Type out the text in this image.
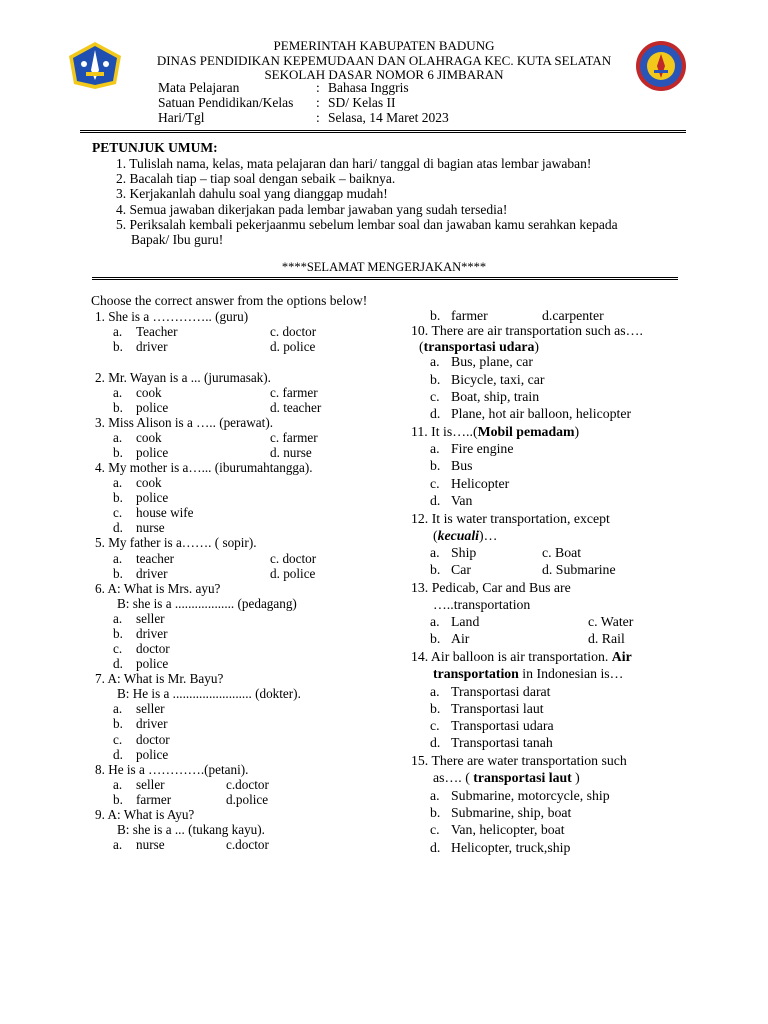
PEMERINTAH KABUPATEN BADUNG
DINAS PENDIDIKAN KEPEMUDAAN DAN OLAHRAGA KEC. KUTA SELATAN
SEKOLAH DASAR NOMOR 6 JIMBARAN
Mata Pelajaran	: Bahasa Inggris
Satuan Pendidikan/Kelas : SD/ Kelas II
Hari/Tgl	: Selasa, 14 Maret 2023
PETUNJUK UMUM:
1. Tulislah nama, kelas, mata pelajaran dan hari/ tanggal di bagian atas lembar jawaban!
2. Bacalah tiap – tiap soal dengan sebaik – baiknya.
3. Kerjakanlah dahulu soal yang dianggap mudah!
4. Semua jawaban dikerjakan pada lembar jawaban yang sudah tersedia!
5. Periksalah kembali pekerjaanmu sebelum lembar soal dan jawaban kamu serahkan kepada
Bapak/ Ibu guru!
****SELAMAT MENGERJAKAN****
Choose the correct answer from the options below!
1. She is a ………….. (guru)
a. Teacher	c. doctor
b. driver	d. police
2. Mr. Wayan is a ... (jurumasak).
a. cook	c. farmer
b. police	d. teacher
3. Miss Alison is a ….. (perawat).
a. cook	c. farmer
b. police	d. nurse
4. My mother is a…... (iburumahtangga).
a. cook
b. police
c. house wife
d. nurse
5. My father is a……. ( sopir).
a. teacher	c. doctor
b. driver	d. police
6. A: What is Mrs. ayu?
B: she is a .................. (pedagang)
a. seller
b. driver
c. doctor
d. police
7. A: What is Mr. Bayu?
B: He is a ........................ (dokter).
a. seller
b. driver
c. doctor
d. police
8. He is a ………….(petani).
a. seller	c.doctor
b. farmer	d.police
9. A: What is Ayu?
B: she is a ... (tukang kayu).
a. nurse	c.doctor
b. farmer	d.carpenter
10. There are air transportation such as….
(transportasi udara)
a. Bus, plane, car
b. Bicycle, taxi, car
c. Boat, ship, train
d. Plane, hot air balloon, helicopter
11. It is…..(Mobil pemadam)
a. Fire engine
b. Bus
c. Helicopter
d. Van
12. It is water transportation, except
(kecuali)…
a. Ship	c. Boat
b. Car	d. Submarine
13. Pedicab, Car and Bus are
…..transportation
a. Land	c. Water
b. Air	d. Rail
14. Air balloon is air transportation. Air
transportation in Indonesian is…
a. Transportasi darat
b. Transportasi laut
c. Transportasi udara
d. Transportasi tanah
15. There are water transportation such
as…. ( transportasi laut )
a. Submarine, motorcycle, ship
b. Submarine, ship, boat
c. Van, helicopter, boat
d. Helicopter, truck,ship
